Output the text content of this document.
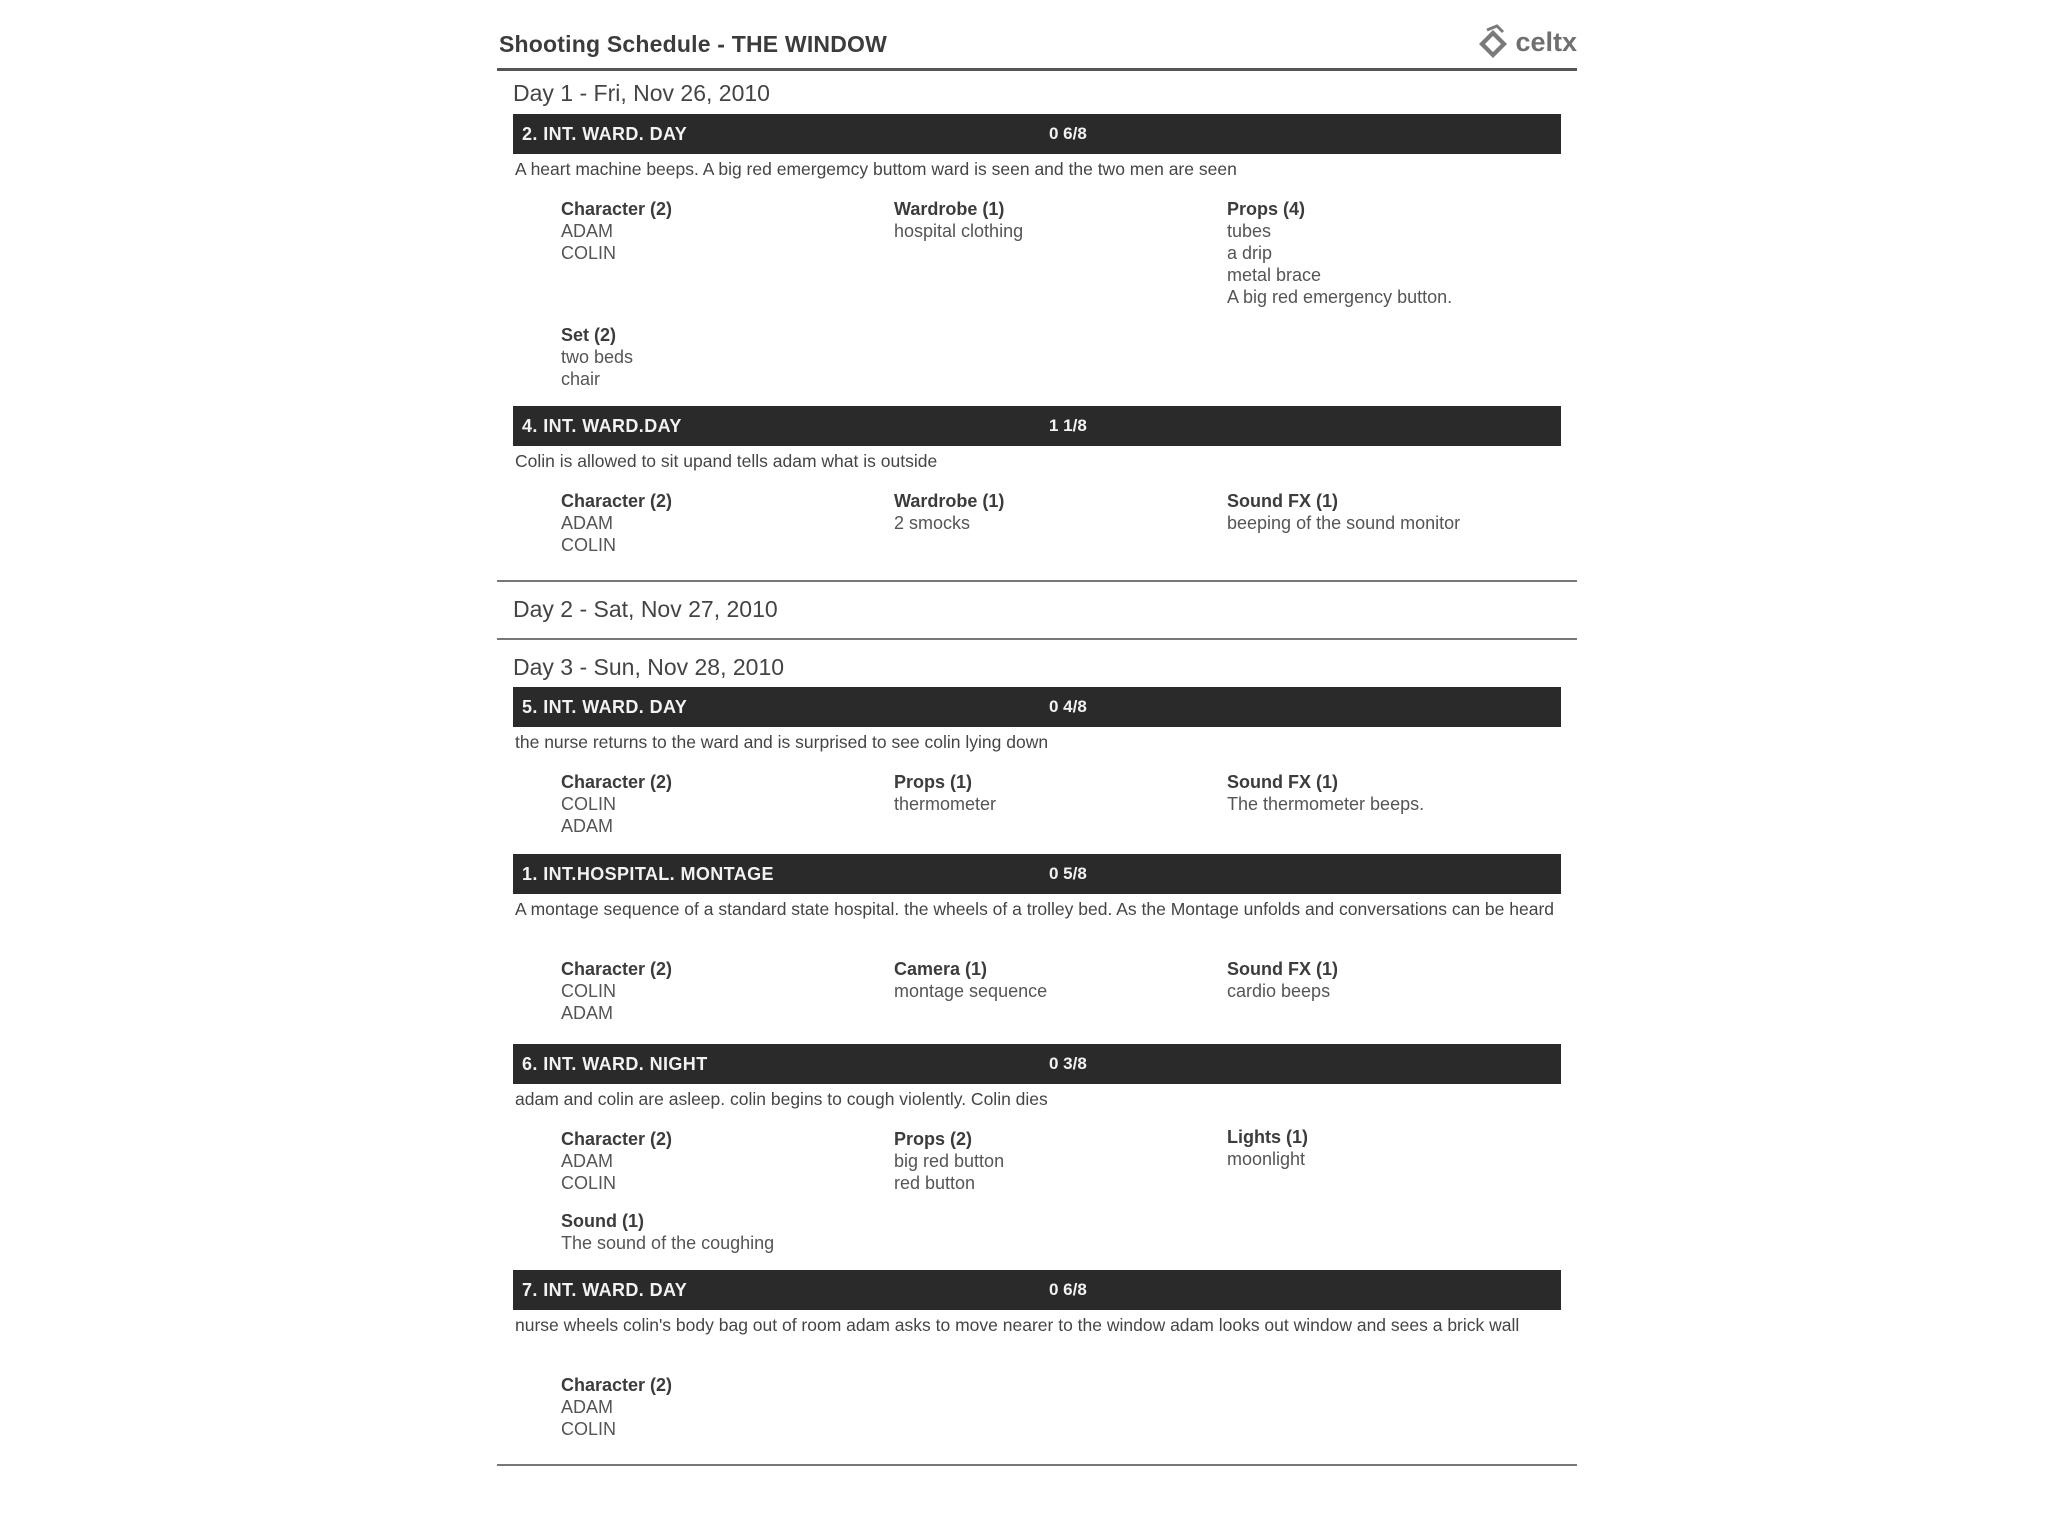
Shooting Schedule - THE WINDOW	celtx
Day 1 - Fri, Nov 26, 2010
2. INT. WARD. DAY	0 6/8
A heart machine beeps. A big red emergemcy buttom ward is seen and the two men are seen
Character (2)
ADAM
COLIN
Wardrobe (1)
hospital clothing
Props (4)
tubes
a drip
metal brace
A big red emergency button.
Set (2)
two beds
chair
4. INT. WARD.DAY	1 1/8
Colin is allowed to sit upand tells adam what is outside
Character (2)
ADAM
COLIN
Wardrobe (1)
2 smocks
Sound FX (1)
beeping of the sound monitor
Day 2 - Sat, Nov 27, 2010
Day 3 - Sun, Nov 28, 2010
5. INT. WARD. DAY	0 4/8
the nurse returns to the ward and is surprised to see colin lying down
Character (2)
COLIN
ADAM
Props (1)
thermometer
Sound FX (1)
The thermometer beeps.
1. INT.HOSPITAL. MONTAGE	0 5/8
A montage sequence of a standard state hospital. the wheels of a trolley bed. As the Montage unfolds and conversations can be heard
Character (2)
COLIN
ADAM
Camera (1)
montage sequence
Sound FX (1)
cardio beeps
6. INT. WARD. NIGHT	0 3/8
adam and colin are asleep. colin begins to cough violently. Colin dies
Character (2)
ADAM
COLIN
Props (2)
big red button
red button
Lights (1)
moonlight
Sound (1)
The sound of the coughing
7. INT. WARD. DAY	0 6/8
nurse wheels colin's body bag out of room adam asks to move nearer to the window adam looks out window and sees a brick wall
Character (2)
ADAM
COLIN
